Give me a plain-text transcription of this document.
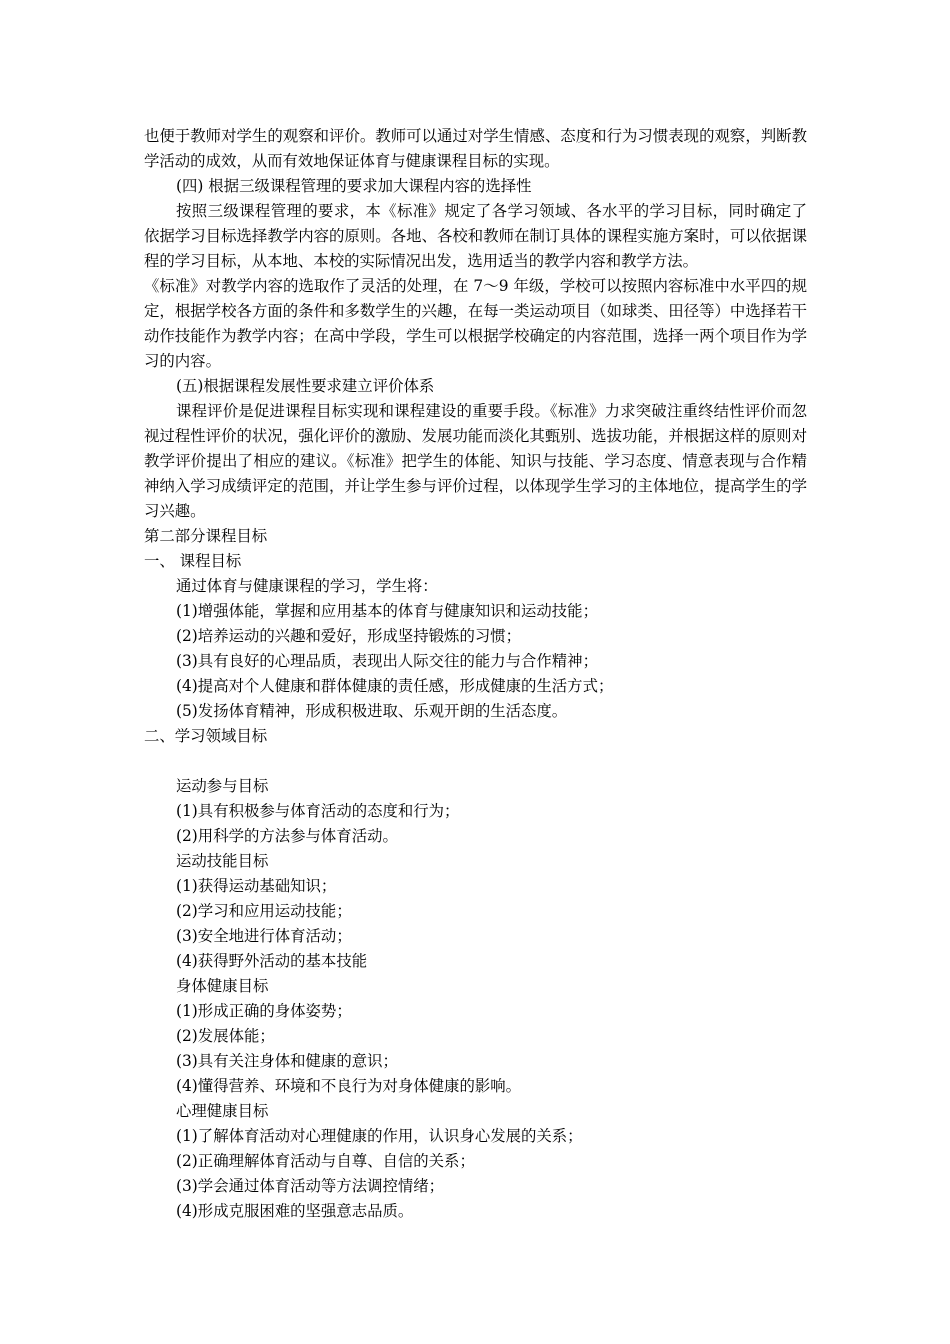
也便于教师对学生的观察和评价。教师可以通过对学生情感、态度和行为习惯表现的观察，判断教学活动的成效，从而有效地保证体育与健康课程目标的实现。

(四) 根据三级课程管理的要求加大课程内容的选择性

按照三级课程管理的要求，本《标准》规定了各学习领域、各水平的学习目标，同时确定了依据学习目标选择教学内容的原则。各地、各校和教师在制订具体的课程实施方案时，可以依据课程的学习目标，从本地、本校的实际情况出发，选用适当的教学内容和教学方法。

《标准》对教学内容的选取作了灵活的处理，在 7～9 年级，学校可以按照内容标准中水平四的规定，根据学校各方面的条件和多数学生的兴趣，在每一类运动项目（如球类、田径等）中选择若干动作技能作为教学内容；在高中学段，学生可以根据学校确定的内容范围，选择一两个项目作为学习的内容。

(五)根据课程发展性要求建立评价体系

课程评价是促进课程目标实现和课程建设的重要手段。《标准》力求突破注重终结性评价而忽视过程性评价的状况，强化评价的激励、发展功能而淡化其甄别、选拔功能，并根据这样的原则对教学评价提出了相应的建议。《标准》把学生的体能、知识与技能、学习态度、情意表现与合作精神纳入学习成绩评定的范围，并让学生参与评价过程，以体现学生学习的主体地位，提高学生的学习兴趣。

第二部分课程目标

一、 课程目标

通过体育与健康课程的学习，学生将：

(1)增强体能，掌握和应用基本的体育与健康知识和运动技能；

(2)培养运动的兴趣和爱好，形成坚持锻炼的习惯；

(3)具有良好的心理品质，表现出人际交往的能力与合作精神；

(4)提高对个人健康和群体健康的责任感，形成健康的生活方式；

(5)发扬体育精神，形成积极进取、乐观开朗的生活态度。

二、学习领域目标

运动参与目标

(1)具有积极参与体育活动的态度和行为；

(2)用科学的方法参与体育活动。

运动技能目标

(1)获得运动基础知识；

(2)学习和应用运动技能；

(3)安全地进行体育活动；

(4)获得野外活动的基本技能

身体健康目标

(1)形成正确的身体姿势；

(2)发展体能；

(3)具有关注身体和健康的意识；

(4)懂得营养、环境和不良行为对身体健康的影响。

心理健康目标

(1)了解体育活动对心理健康的作用，认识身心发展的关系；

(2)正确理解体育活动与自尊、自信的关系；

(3)学会通过体育活动等方法调控情绪；

(4)形成克服困难的坚强意志品质。
